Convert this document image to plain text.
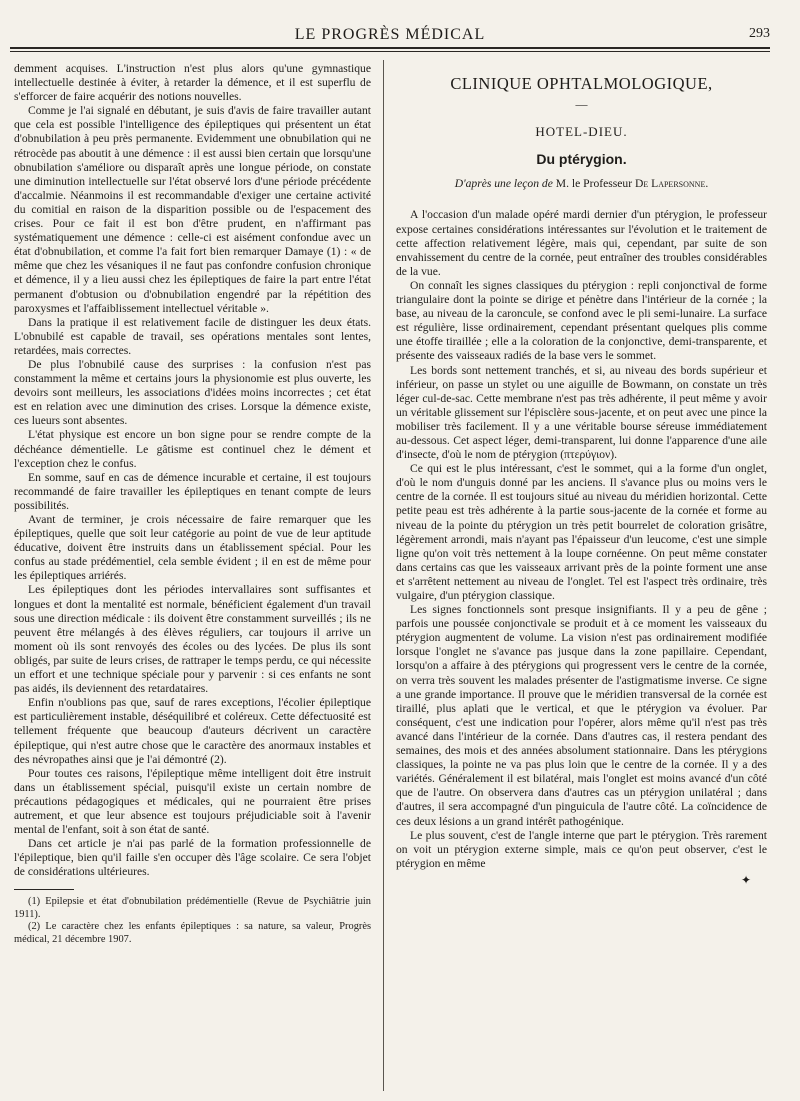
LE PROGRÈS MÉDICAL	293

demment acquises. L'instruction n'est plus alors qu'une gymnastique intellectuelle destinée à éviter, à retarder la démence, et il est superflu de s'efforcer de faire acquérir des notions nouvelles.

Comme je l'ai signalé en débutant, je suis d'avis de faire travailler autant que cela est possible l'intelligence des épileptiques qui présentent un état d'obnubilation à peu près permanente. Evidemment une obnubilation qui ne rétrocède pas aboutit à une démence : il est aussi bien certain que lorsqu'une obnubilation s'améliore ou disparaît après une longue période, on constate une diminution intellectuelle sur l'état observé lors d'une période précédente d'accalmie. Néanmoins il est recommandable d'exiger une certaine activité du comitial en raison de la disparition possible ou de l'espacement des crises. Pour ce fait il est bon d'être prudent, en n'affirmant pas systématiquement une démence : celle-ci est aisément confondue avec un état d'obnubilation, et comme l'a fait fort bien remarquer Damaye (1) : « de même que chez les vésaniques il ne faut pas confondre confusion chronique et démence, il y a lieu aussi chez les épileptiques de faire la part entre l'état permanent d'obtusion ou d'obnubilation engendré par la répétition des paroxysmes et l'affaiblissement intellectuel véritable ».

Dans la pratique il est relativement facile de distinguer les deux états. L'obnubilé est capable de travail, ses opérations mentales sont lentes, retardées, mais correctes.

De plus l'obnubilé cause des surprises : la confusion n'est pas constamment la même et certains jours la physionomie est plus ouverte, les devoirs sont meilleurs, les associations d'idées moins incorrectes ; cet état est en relation avec une diminution des crises. Lorsque la démence existe, ces lueurs sont absentes.

L'état physique est encore un bon signe pour se rendre compte de la déchéance démentielle. Le gâtisme est continuel chez le dément et l'exception chez le confus.

En somme, sauf en cas de démence incurable et certaine, il est toujours recommandé de faire travailler les épileptiques en tenant compte de leurs possibilités.

Avant de terminer, je crois nécessaire de faire remarquer que les épileptiques, quelle que soit leur catégorie au point de vue de leur aptitude éducative, doivent être instruits dans un établissement spécial. Pour les confus au stade prédémentiel, cela semble évident ; il en est de même pour les épileptiques arriérés.

Les épileptiques dont les périodes intervallaires sont suffisantes et longues et dont la mentalité est normale, bénéficient également d'un travail sous une direction médicale : ils doivent être constamment surveillés ; ils ne peuvent être mélangés à des élèves réguliers, car toujours il arrive un moment où ils sont renvoyés des écoles ou des lycées. De plus ils sont obligés, par suite de leurs crises, de rattraper le temps perdu, ce qui nécessite un effort et une technique spéciale pour y parvenir : si ces enfants ne sont pas aidés, ils deviennent des retardataires.

Enfin n'oublions pas que, sauf de rares exceptions, l'écolier épileptique est particulièrement instable, déséquilibré et coléreux. Cette défectuosité est tellement fréquente que beaucoup d'auteurs décrivent un caractère épileptique, qui n'est autre chose que le caractère des anormaux instables et des névropathes ainsi que je l'ai démontré (2).

Pour toutes ces raisons, l'épileptique même intelligent doit être instruit dans un établissement spécial, puisqu'il existe un certain nombre de précautions pédagogiques et médicales, qui ne pourraient être prises autrement, et que leur absence est toujours préjudiciable soit à l'avenir mental de l'enfant, soit à son état de santé.

Dans cet article je n'ai pas parlé de la formation professionnelle de l'épileptique, bien qu'il faille s'en occuper dès l'âge scolaire. Ce sera l'objet de considérations ultérieures.

(1) Epilepsie et état d'obnubilation prédémentielle (Revue de Psychiâtrie juin 1911).

(2) Le caractère chez les enfants épileptiques : sa nature, sa valeur, Progrès médical, 21 décembre 1907.

CLINIQUE OPHTALMOLOGIQUE,
—
HOTEL-DIEU.
Du ptérygion.
D'après une leçon de M. le Professeur De Lapersonne.

A l'occasion d'un malade opéré mardi dernier d'un ptérygion, le professeur expose certaines considérations intéressantes sur l'évolution et le traitement de cette affection relativement légère, mais qui, cependant, par suite de son envahissement du centre de la cornée, peut entraîner des troubles considérables de la vue.

On connaît les signes classiques du ptérygion : repli conjonctival de forme triangulaire dont la pointe se dirige et pénètre dans l'intérieur de la cornée ; la base, au niveau de la caroncule, se confond avec le pli semi-lunaire. La surface est régulière, lisse ordinairement, cependant présentant quelques plis comme une étoffe tiraillée ; elle a la coloration de la conjonctive, demi-transparente, et présente des vaisseaux radiés de la base vers le sommet.

Les bords sont nettement tranchés, et si, au niveau des bords supérieur et inférieur, on passe un stylet ou une aiguille de Bowmann, on constate un très léger cul-de-sac. Cette membrane n'est pas très adhérente, il peut même y avoir un véritable glissement sur l'épisclère sous-jacente, et on peut avec une pince la mobiliser très facilement. Il y a une véritable bourse séreuse immédiatement au-dessous. Cet aspect léger, demi-transparent, lui donne l'apparence d'une aile d'insecte, d'où le nom de ptérygion (πτερύγιον).

Ce qui est le plus intéressant, c'est le sommet, qui a la forme d'un onglet, d'où le nom d'unguis donné par les anciens. Il s'avance plus ou moins vers le centre de la cornée. Il est toujours situé au niveau du méridien horizontal. Cette petite peau est très adhérente à la partie sous-jacente de la cornée et forme au niveau de la pointe du ptérygion un très petit bourrelet de coloration grisâtre, légèrement arrondi, mais n'ayant pas l'épaisseur d'un leucome, c'est une simple ligne qu'on voit très nettement à la loupe cornéenne. On peut même constater dans certains cas que les vaisseaux arrivant près de la pointe forment une anse et s'arrêtent nettement au niveau de l'onglet. Tel est l'aspect très ordinaire, très vulgaire, d'un ptérygion classique.

Les signes fonctionnels sont presque insignifiants. Il y a peu de gêne ; parfois une poussée conjonctivale se produit et à ce moment les vaisseaux du ptérygion augmentent de volume. La vision n'est pas ordinairement modifiée lorsque l'onglet ne s'avance pas jusque dans la zone papillaire. Cependant, lorsqu'on a affaire à des ptérygions qui progressent vers le centre de la cornée, on verra très souvent les malades présenter de l'astigmatisme inverse. Ce signe a une grande importance. Il prouve que le méridien transversal de la cornée est tiraillé, plus aplati que le vertical, et que le ptérygion va évoluer. Par conséquent, c'est une indication pour l'opérer, alors même qu'il n'est pas très avancé dans l'intérieur de la cornée. Dans d'autres cas, il restera pendant des semaines, des mois et des années absolument stationnaire. Dans les ptérygions classiques, la pointe ne va pas plus loin que le centre de la cornée. Il y a des variétés. Généralement il est bilatéral, mais l'onglet est moins avancé d'un côté que de l'autre. On observera dans d'autres cas un ptérygion unilatéral ; dans d'autres, il sera accompagné d'un pinguicula de l'autre côté. La coïncidence de ces deux lésions a un grand intérêt pathogénique.

Le plus souvent, c'est de l'angle interne que part le ptérygion. Très rarement on voit un ptérygion externe simple, mais ce qu'on peut observer, c'est le ptérygion en même

✦
